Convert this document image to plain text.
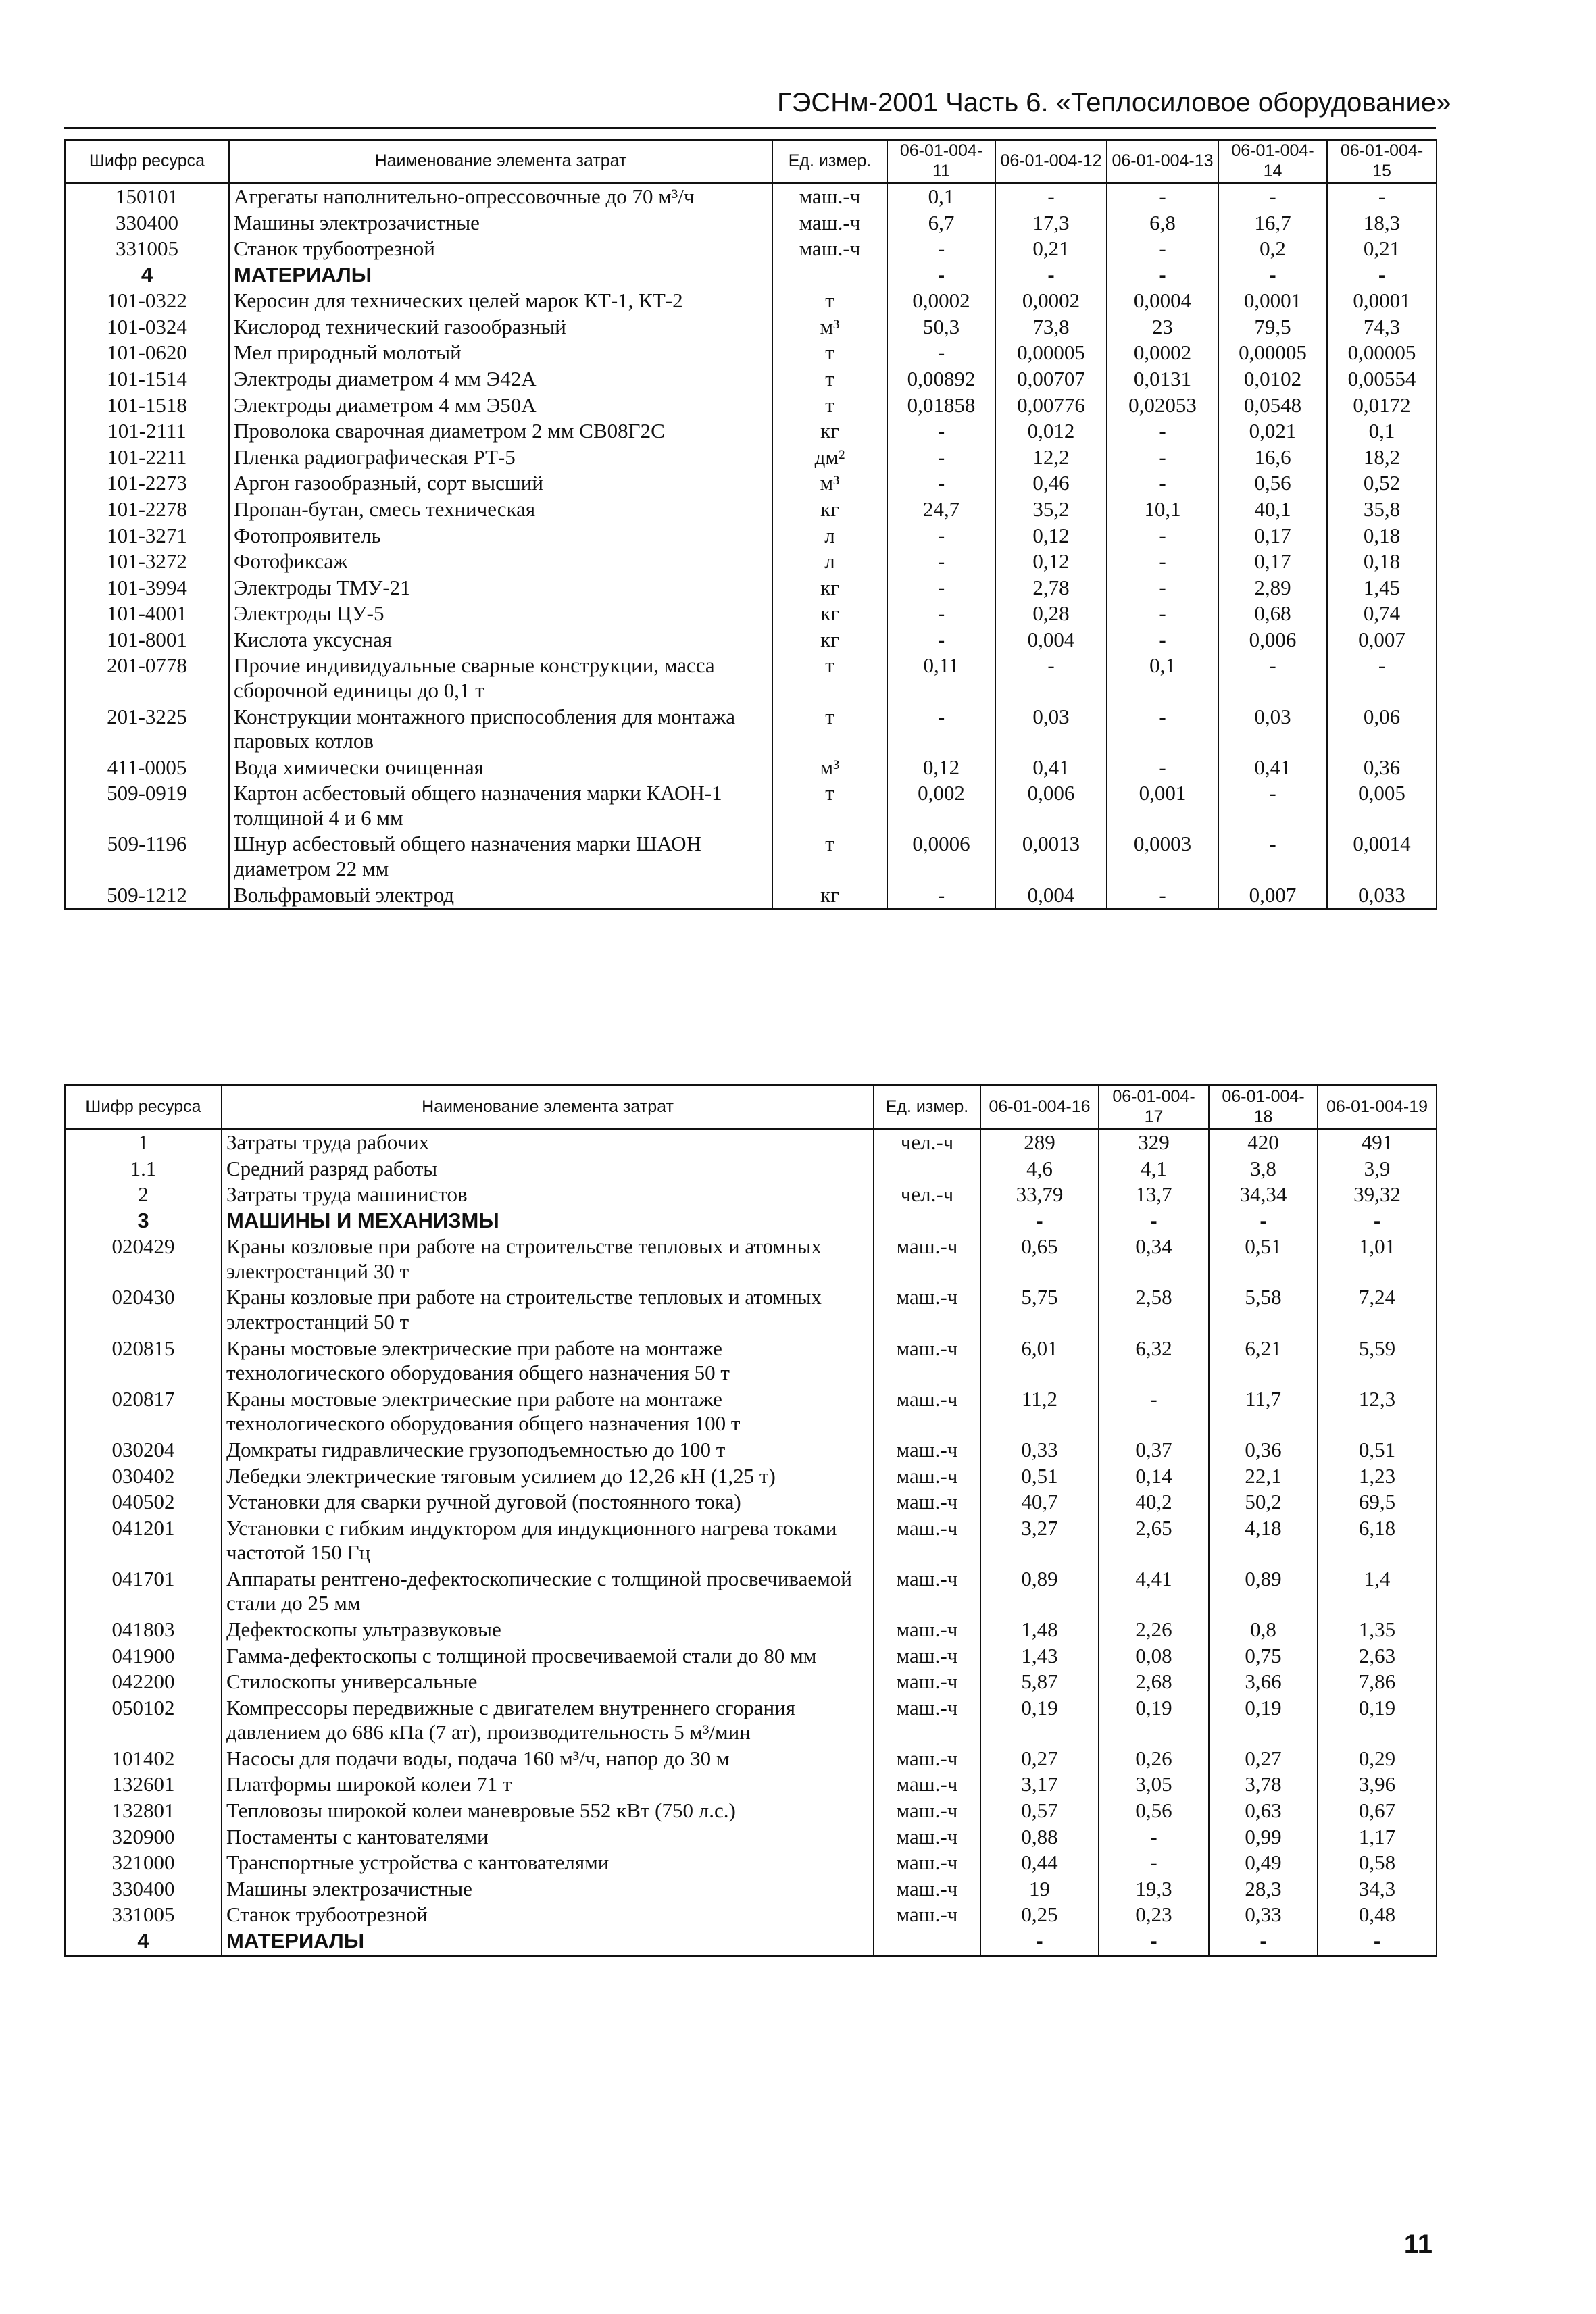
ГЭСНм-2001 Часть 6. «Теплосиловое оборудование»
Шифр ресурса	Наименование элемента затрат	Ед. измер.	06-01-004-11	06-01-004-12	06-01-004-13	06-01-004-14	06-01-004-15
150101	Агрегаты наполнительно-опрессовочные до 70 м³/ч	маш.-ч	0,1	-	-	-	-
330400	Машины электрозачистные	маш.-ч	6,7	17,3	6,8	16,7	18,3
331005	Станок трубоотрезной	маш.-ч	-	0,21	-	0,2	0,21
4	МАТЕРИАЛЫ		-	-	-	-	-
101-0322	Керосин для технических целей марок КТ-1, КТ-2	т	0,0002	0,0002	0,0004	0,0001	0,0001
101-0324	Кислород технический газообразный	м³	50,3	73,8	23	79,5	74,3
101-0620	Мел природный молотый	т	-	0,00005	0,0002	0,00005	0,00005
101-1514	Электроды диаметром 4 мм Э42А	т	0,00892	0,00707	0,0131	0,0102	0,00554
101-1518	Электроды диаметром 4 мм Э50А	т	0,01858	0,00776	0,02053	0,0548	0,0172
101-2111	Проволока сварочная диаметром 2 мм СВ08Г2С	кг	-	0,012	-	0,021	0,1
101-2211	Пленка радиографическая РТ-5	дм²	-	12,2	-	16,6	18,2
101-2273	Аргон газообразный, сорт высший	м³	-	0,46	-	0,56	0,52
101-2278	Пропан-бутан, смесь техническая	кг	24,7	35,2	10,1	40,1	35,8
101-3271	Фотопроявитель	л	-	0,12	-	0,17	0,18
101-3272	Фотофиксаж	л	-	0,12	-	0,17	0,18
101-3994	Электроды ТМУ-21	кг	-	2,78	-	2,89	1,45
101-4001	Электроды ЦУ-5	кг	-	0,28	-	0,68	0,74
101-8001	Кислота уксусная	кг	-	0,004	-	0,006	0,007
201-0778	Прочие индивидуальные сварные конструкции, масса сборочной единицы до 0,1 т	т	0,11	-	0,1	-	-
201-3225	Конструкции монтажного приспособления для монтажа паровых котлов	т	-	0,03	-	0,03	0,06
411-0005	Вода химически очищенная	м³	0,12	0,41	-	0,41	0,36
509-0919	Картон асбестовый общего назначения марки КАОН-1 толщиной 4 и 6 мм	т	0,002	0,006	0,001	-	0,005
509-1196	Шнур асбестовый общего назначения марки ШАОН диаметром 22 мм	т	0,0006	0,0013	0,0003	-	0,0014
509-1212	Вольфрамовый электрод	кг	-	0,004	-	0,007	0,033
Шифр ресурса	Наименование элемента затрат	Ед. измер.	06-01-004-16	06-01-004-17	06-01-004-18	06-01-004-19
1	Затраты труда рабочих	чел.-ч	289	329	420	491
1.1	Средний разряд работы		4,6	4,1	3,8	3,9
2	Затраты труда машинистов	чел.-ч	33,79	13,7	34,34	39,32
3	МАШИНЫ И МЕХАНИЗМЫ		-	-	-	-
020429	Краны козловые при работе на строительстве тепловых и атомных электростанций 30 т	маш.-ч	0,65	0,34	0,51	1,01
020430	Краны козловые при работе на строительстве тепловых и атомных электростанций 50 т	маш.-ч	5,75	2,58	5,58	7,24
020815	Краны мостовые электрические при работе на монтаже технологического оборудования общего назначения 50 т	маш.-ч	6,01	6,32	6,21	5,59
020817	Краны мостовые электрические при работе на монтаже технологического оборудования общего назначения 100 т	маш.-ч	11,2	-	11,7	12,3
030204	Домкраты гидравлические грузоподъемностью до 100 т	маш.-ч	0,33	0,37	0,36	0,51
030402	Лебедки электрические тяговым усилием до 12,26 кН (1,25 т)	маш.-ч	0,51	0,14	22,1	1,23
040502	Установки для сварки ручной дуговой (постоянного тока)	маш.-ч	40,7	40,2	50,2	69,5
041201	Установки с гибким индуктором для индукционного нагрева токами частотой 150 Гц	маш.-ч	3,27	2,65	4,18	6,18
041701	Аппараты рентгено-дефектоскопические с толщиной просвечиваемой стали до 25 мм	маш.-ч	0,89	4,41	0,89	1,4
041803	Дефектоскопы ультразвуковые	маш.-ч	1,48	2,26	0,8	1,35
041900	Гамма-дефектоскопы с толщиной просвечиваемой стали до 80 мм	маш.-ч	1,43	0,08	0,75	2,63
042200	Стилоскопы универсальные	маш.-ч	5,87	2,68	3,66	7,86
050102	Компрессоры передвижные с двигателем внутреннего сгорания давлением до 686 кПа (7 ат), производительность 5 м³/мин	маш.-ч	0,19	0,19	0,19	0,19
101402	Насосы для подачи воды, подача 160 м³/ч, напор до 30 м	маш.-ч	0,27	0,26	0,27	0,29
132601	Платформы широкой колеи 71 т	маш.-ч	3,17	3,05	3,78	3,96
132801	Тепловозы широкой колеи маневровые 552 кВт (750 л.с.)	маш.-ч	0,57	0,56	0,63	0,67
320900	Постаменты с кантователями	маш.-ч	0,88	-	0,99	1,17
321000	Транспортные устройства с кантователями	маш.-ч	0,44	-	0,49	0,58
330400	Машины электрозачистные	маш.-ч	19	19,3	28,3	34,3
331005	Станок трубоотрезной	маш.-ч	0,25	0,23	0,33	0,48
4	МАТЕРИАЛЫ		-	-	-	-
11
